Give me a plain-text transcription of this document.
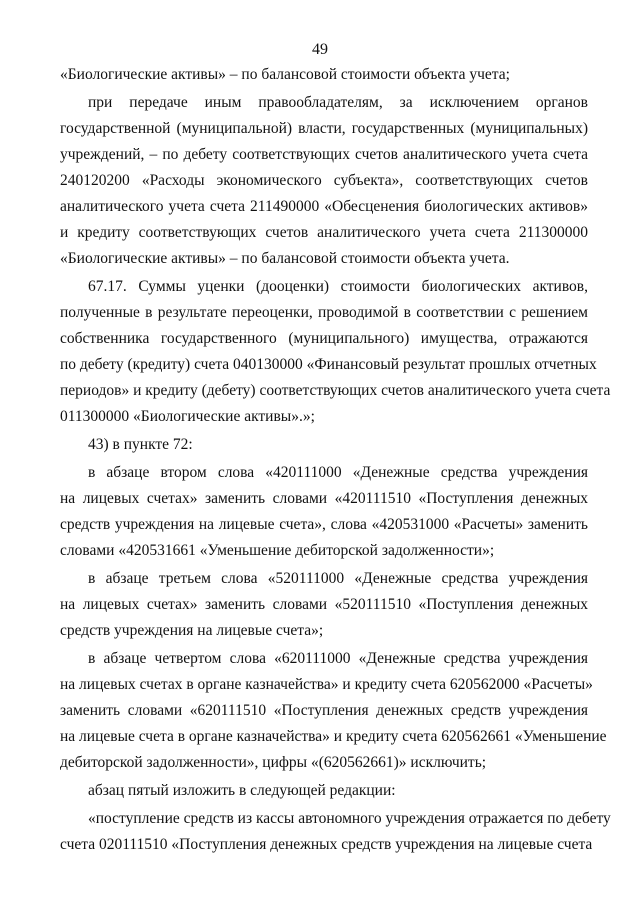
49
«Биологические активы» – по балансовой стоимости объекта учета;
при передаче иным правообладателям, за исключением органов
государственной (муниципальной) власти, государственных (муниципальных)
учреждений, – по дебету соответствующих счетов аналитического учета счета
240120200 «Расходы экономического субъекта», соответствующих счетов
аналитического учета счета 211490000 «Обесценения биологических активов»
и кредиту соответствующих счетов аналитического учета счета 211300000
«Биологические активы» – по балансовой стоимости объекта учета.
67.17. Суммы уценки (дооценки) стоимости биологических активов,
полученные в результате переоценки, проводимой в соответствии с решением
собственника государственного (муниципального) имущества, отражаются
по дебету (кредиту) счета 040130000 «Финансовый результат прошлых отчетных
периодов» и кредиту (дебету) соответствующих счетов аналитического учета счета
011300000 «Биологические активы».»;
43) в пункте 72:
в абзаце втором слова «420111000 «Денежные средства учреждения
на лицевых счетах» заменить словами «420111510 «Поступления денежных
средств учреждения на лицевые счета», слова «420531000 «Расчеты» заменить
словами «420531661 «Уменьшение дебиторской задолженности»;
в абзаце третьем слова «520111000 «Денежные средства учреждения
на лицевых счетах» заменить словами «520111510 «Поступления денежных
средств учреждения на лицевые счета»;
в абзаце четвертом слова «620111000 «Денежные средства учреждения
на лицевых счетах в органе казначейства» и кредиту счета 620562000 «Расчеты»
заменить словами «620111510 «Поступления денежных средств учреждения
на лицевые счета в органе казначейства» и кредиту счета 620562661 «Уменьшение
дебиторской задолженности», цифры «(620562661)» исключить;
абзац пятый изложить в следующей редакции:
«поступление средств из кассы автономного учреждения отражается по дебету
счета 020111510 «Поступления денежных средств учреждения на лицевые счета
